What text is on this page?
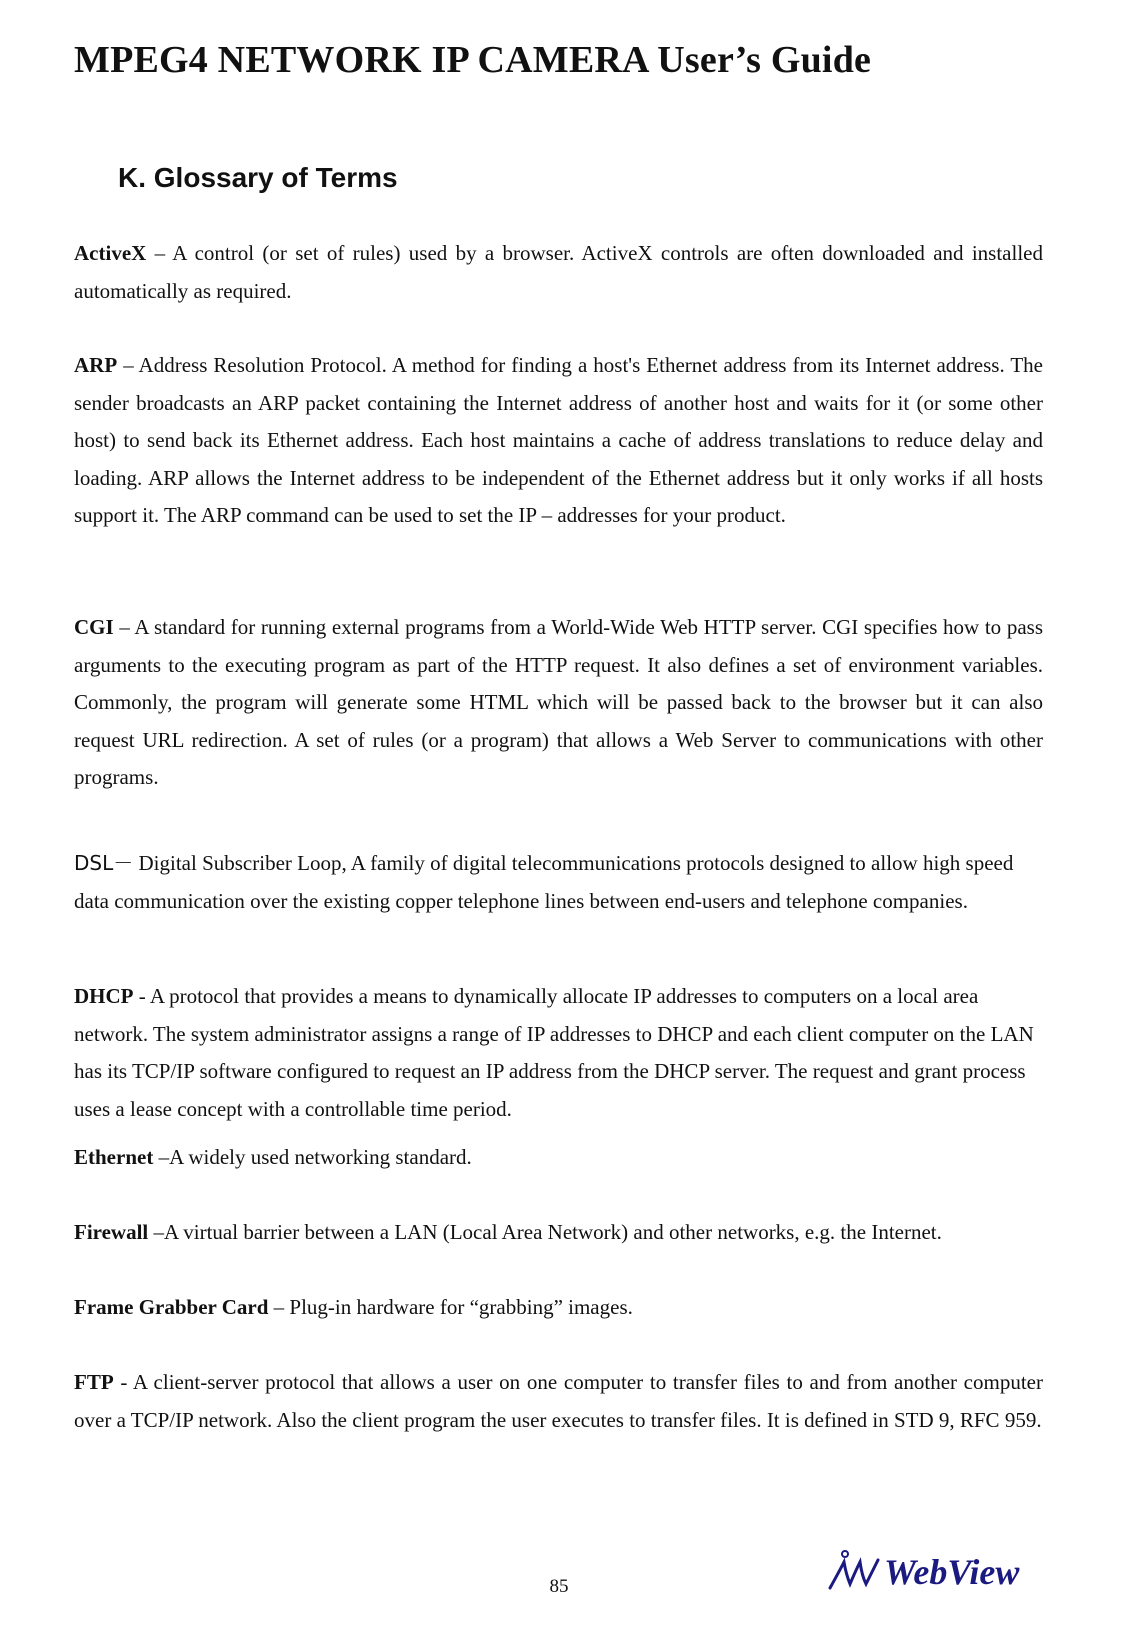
MPEG4 NETWORK IP CAMERA User’s Guide
K. Glossary of Terms
ActiveX – A control (or set of rules) used by a browser. ActiveX controls are often downloaded and installed automatically as required.
ARP – Address Resolution Protocol. A method for finding a host's Ethernet address from its Internet address. The sender broadcasts an ARP packet containing the Internet address of another host and waits for it (or some other host) to send back its Ethernet address. Each host maintains a cache of address translations to reduce delay and loading. ARP allows the Internet address to be independent of the Ethernet address but it only works if all hosts support it. The ARP command can be used to set the IP – addresses for your product.
CGI – A standard for running external programs from a World-Wide Web HTTP server. CGI specifies how to pass arguments to the executing program as part of the HTTP request. It also defines a set of environment variables. Commonly, the program will generate some HTML which will be passed back to the browser but it can also request URL redirection. A set of rules (or a program) that allows a Web Server to communications with other programs.
DSL－ Digital Subscriber Loop, A family of digital telecommunications protocols designed to allow high speed data communication over the existing copper telephone lines between end-users and telephone companies.
DHCP - A protocol that provides a means to dynamically allocate IP addresses to computers on a local area network. The system administrator assigns a range of IP addresses to DHCP and each client computer on the LAN has its TCP/IP software configured to request an IP address from the DHCP server. The request and grant process uses a lease concept with a controllable time period.
Ethernet –A widely used networking standard.
Firewall –A virtual barrier between a LAN (Local Area Network) and other networks, e.g. the Internet.
Frame Grabber Card – Plug-in hardware for “grabbing” images.
FTP - A client-server protocol that allows a user on one computer to transfer files to and from another computer over a TCP/IP network. Also the client program the user executes to transfer files. It is defined in STD 9, RFC 959.
85	WebView
